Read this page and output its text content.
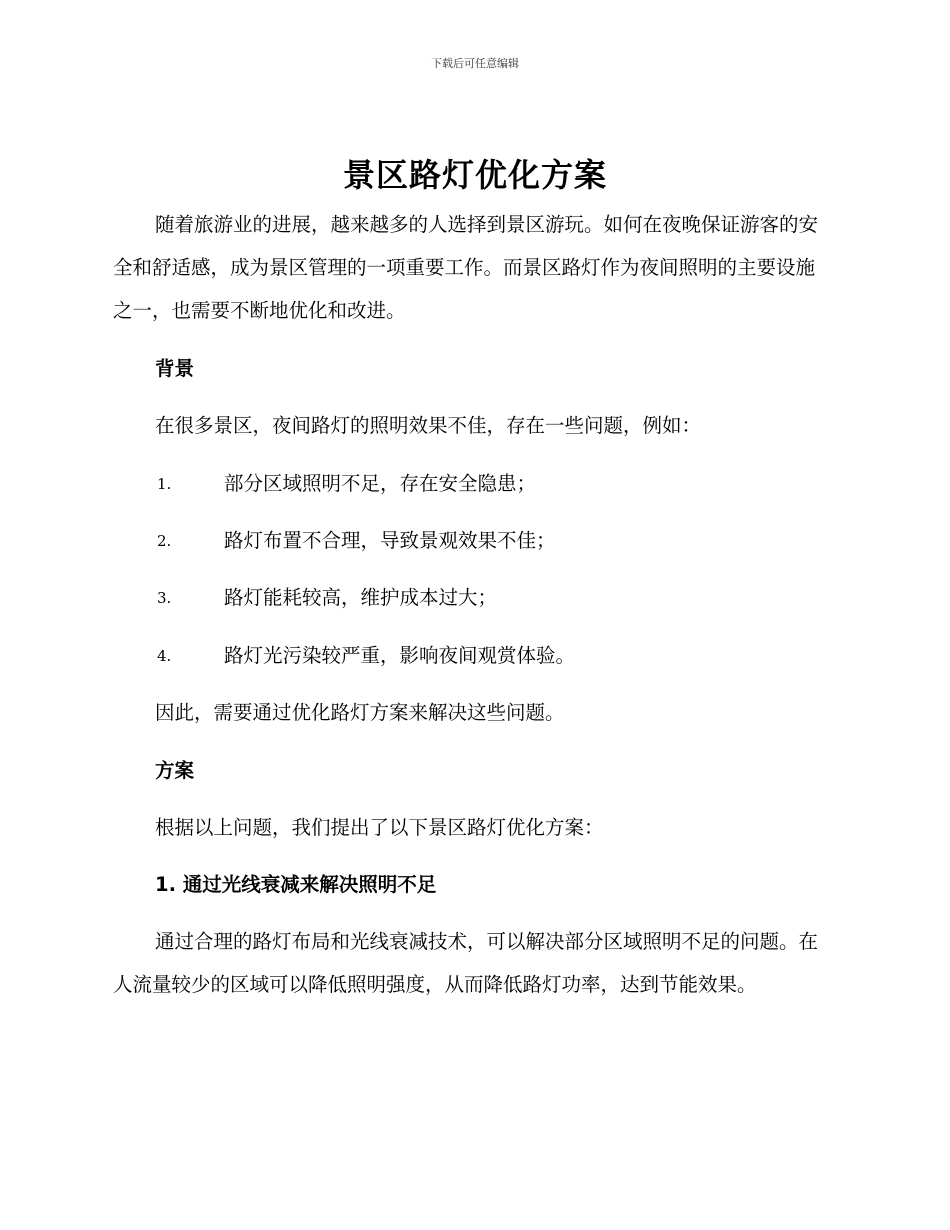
下载后可任意编辑
景区路灯优化方案

随着旅游业的进展，越来越多的人选择到景区游玩。如何在夜晚保证游客的安全和舒适感，成为景区管理的一项重要工作。而景区路灯作为夜间照明的主要设施之一，也需要不断地优化和改进。

背景

在很多景区，夜间路灯的照明效果不佳，存在一些问题，例如：

1.	部分区域照明不足，存在安全隐患；
2.	路灯布置不合理，导致景观效果不佳；
3.	路灯能耗较高，维护成本过大；
4.	路灯光污染较严重，影响夜间观赏体验。

因此，需要通过优化路灯方案来解决这些问题。

方案

根据以上问题，我们提出了以下景区路灯优化方案：

1. 通过光线衰减来解决照明不足

通过合理的路灯布局和光线衰减技术，可以解决部分区域照明不足的问题。在人流量较少的区域可以降低照明强度，从而降低路灯功率，达到节能效果。
